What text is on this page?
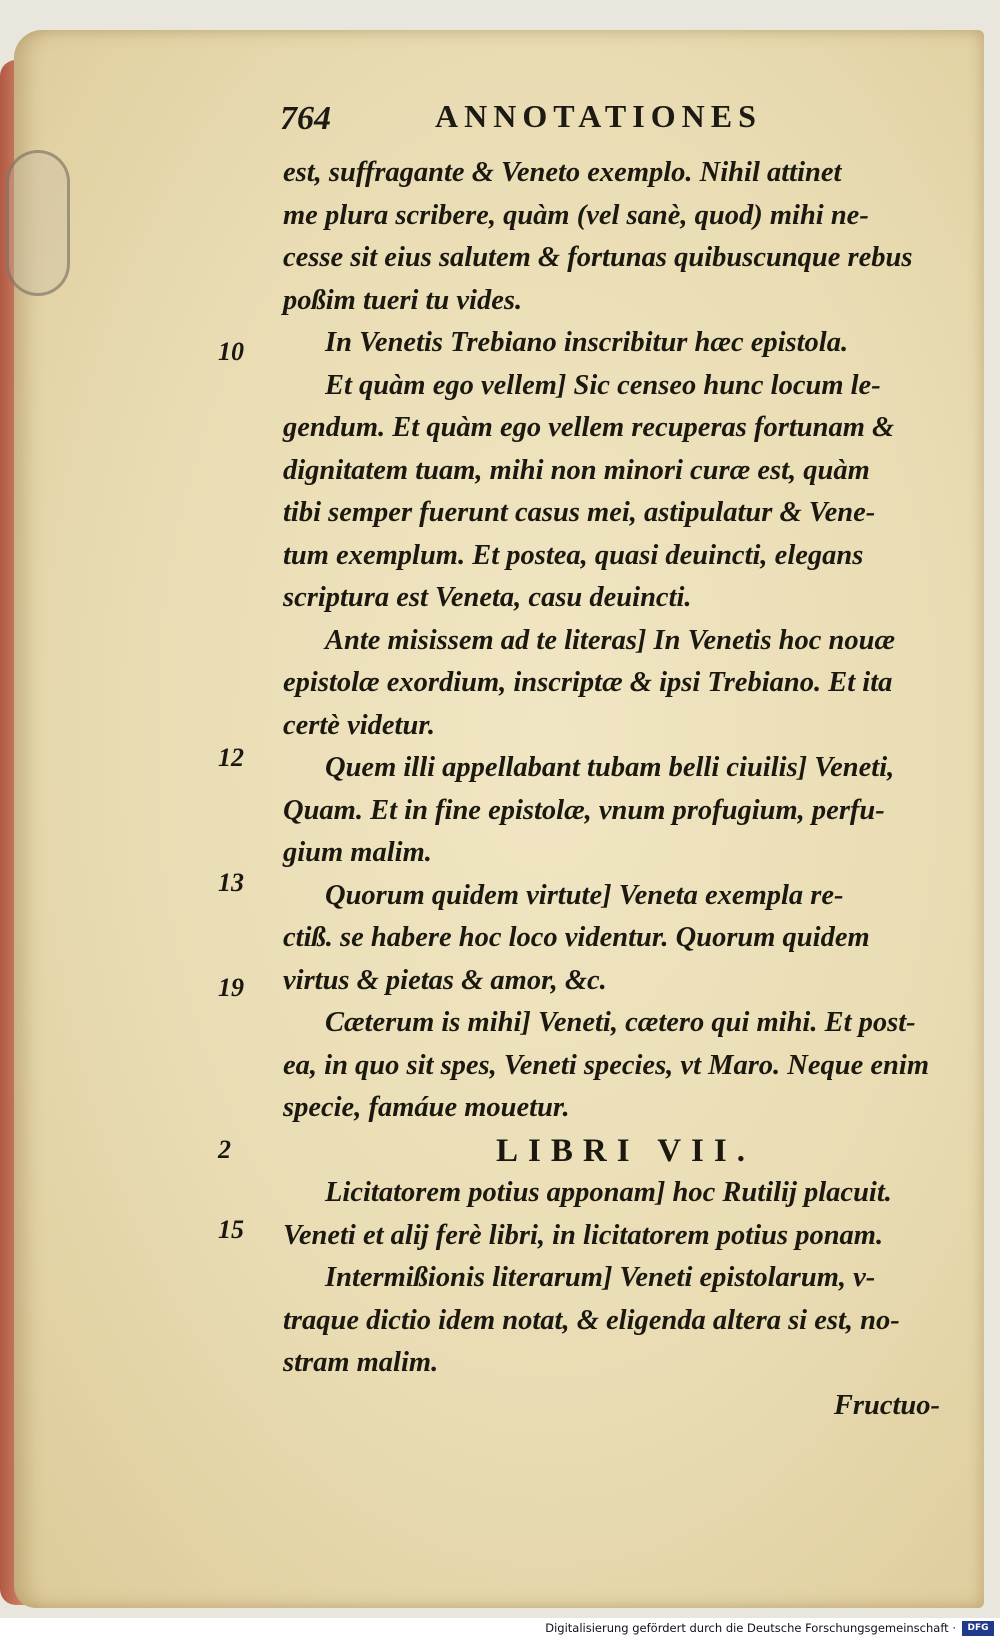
764	ANNOTATIONES
10
12
13
19
2
15
est, suffragante & Veneto exemplo. Nihil attinet
me plura scribere, quàm (vel sanè, quod) mihi ne-
cesse sit eius salutem & fortunas quibuscunque rebus
poßim tueri tu vides.
In Venetis Trebiano inscribitur hæc epistola.
Et quàm ego vellem] Sic censeo hunc locum le-
gendum. Et quàm ego vellem recuperas fortunam &
dignitatem tuam, mihi non minori curæ est, quàm
tibi semper fuerunt casus mei, astipulatur & Vene-
tum exemplum. Et postea, quasi deuincti, elegans
scriptura est Veneta, casu deuincti.
Ante misissem ad te literas] In Venetis hoc nouæ
epistolæ exordium, inscriptæ & ipsi Trebiano. Et ita
certè videtur.
Quem illi appellabant tubam belli ciuilis] Veneti,
Quam. Et in fine epistolæ, vnum profugium, perfu-
gium malim.
Quorum quidem virtute] Veneta exempla re-
ctiß. se habere hoc loco videntur. Quorum quidem
virtus & pietas & amor, &c.
Cæterum is mihi] Veneti, cætero qui mihi. Et post-
ea, in quo sit spes, Veneti species, vt Maro. Neque enim
specie, famáue mouetur.
LIBRI VII.
Licitatorem potius apponam] hoc Rutilij placuit.
Veneti et alij ferè libri, in licitatorem potius ponam.
Intermißionis literarum] Veneti epistolarum, v-
traque dictio idem notat, & eligenda altera si est, no-
stram malim.
Fructuo-
Digitalisierung gefördert durch die Deutsche Forschungsgemeinschaft ·	DFG
